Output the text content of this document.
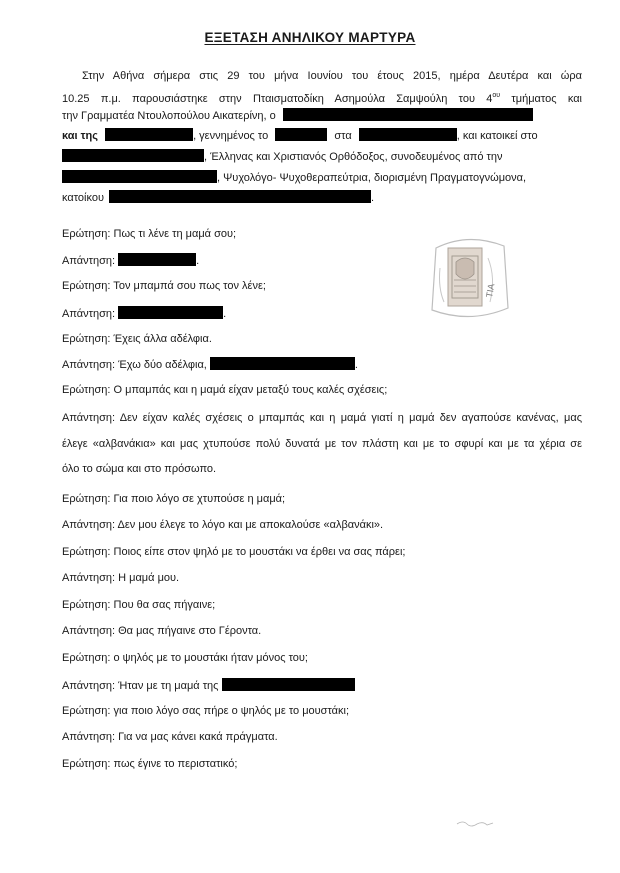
ΕΞΕΤΑΣΗ ΑΝΗΛΙΚΟΥ ΜΑΡΤΥΡΑ
Στην Αθήνα σήμερα στις 29 του μήνα Ιουνίου του έτους 2015, ημέρα Δευτέρα και ώρα
10.25 π.μ. παρουσιάστηκε στην Πταισματοδίκη Ασημούλα Σαμψούλη του $4^{o\upsilon}$ τμήματος και
την Γραμματέα Ντουλοπούλου Αικατερίνη, ο
και της	, γεννημένος το	στα	, και κατοικεί στο
, Έλληνας και Χριστιανός Ορθόδοξος, συνοδευμένος από την
, Ψυχολόγο- Ψυχοθεραπεύτρια, διορισμένη Πραγματογνώμονα,
κατοίκου	.
Ερώτηση: Πως τι λένε τη μαμά σου;
Απάντηση:	.
Ερώτηση: Τον μπαμπά σου πως τον λένε;
Απάντηση:	.
Ερώτηση: Έχεις άλλα αδέλφια.
Απάντηση: Έχω δύο αδέλφια,	.
Ερώτηση: Ο μπαμπάς και η μαμά είχαν μεταξύ τους καλές σχέσεις;
Απάντηση: Δεν είχαν καλές σχέσεις ο μπαμπάς και η μαμά γιατί η μαμά δεν αγαπούσε κανένας, μας
έλεγε «αλβανάκια» και μας χτυπούσε πολύ δυνατά με τον πλάστη και με το σφυρί και με τα χέρια σε
όλο το σώμα και στο πρόσωπο.
Ερώτηση: Για ποιο λόγο σε χτυπούσε η μαμά;
Απάντηση: Δεν μου έλεγε το λόγο και με αποκαλούσε «αλβανάκι».
Ερώτηση: Ποιος είπε στον ψηλό με το μουστάκι να έρθει να σας πάρει;
Απάντηση: Η μαμά μου.
Ερώτηση: Που θα σας πήγαινε;
Απάντηση: Θα μας πήγαινε στο Γέροντα.
Ερώτηση: ο ψηλός με το μουστάκι ήταν μόνος του;
Απάντηση: Ήταν με τη μαμά της
Ερώτηση: για ποιο λόγο σας πήρε ο ψηλός με το μουστάκι;
Απάντηση: Για να μας κάνει κακά πράγματα.
Ερώτηση: πως έγινε το περιστατικό;
ΤΙΑ
